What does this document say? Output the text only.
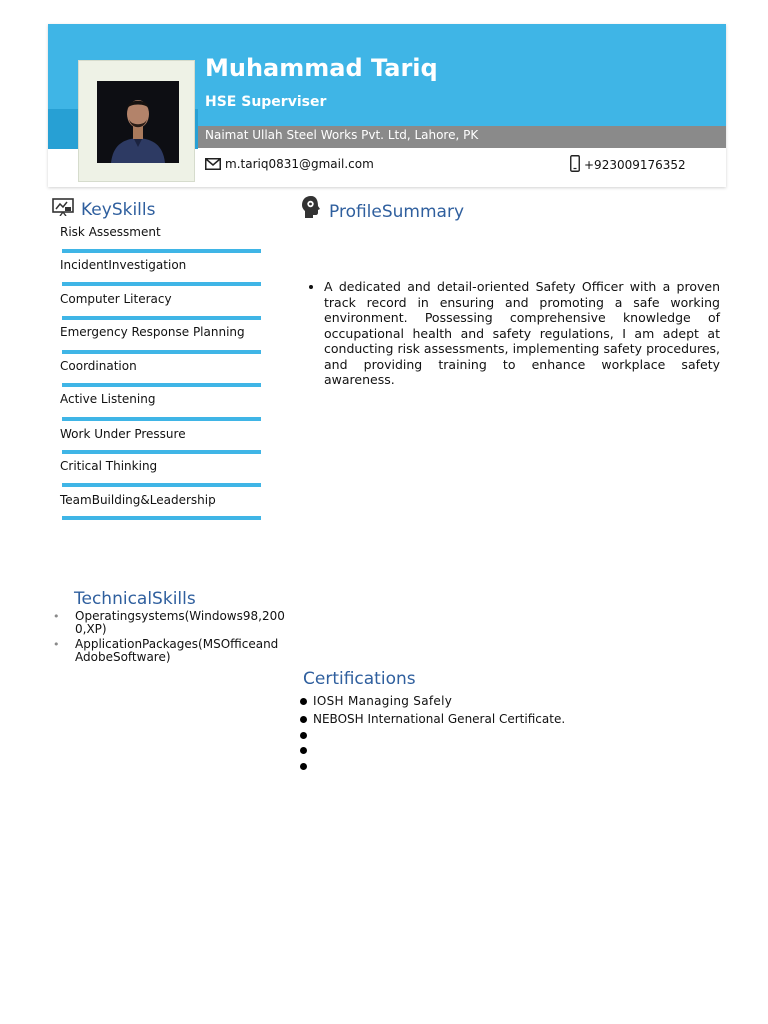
Naimat Ullah Steel Works Pvt. Ltd, Lahore, PK
Muhammad Tariq
HSE Superviser
m.tariq0831@gmail.com	+923009176352
KeySkills
Risk Assessment
IncidentInvestigation
Computer Literacy
Emergency Response Planning
Coordination
Active Listening
Work Under Pressure
Critical Thinking
TeamBuilding&Leadership
ProfileSummary
• A dedicated and detail-oriented Safety Officer with a proven track record in ensuring and promoting a safe working environment. Possessing comprehensive knowledge of occupational health and safety regulations, I am adept at conducting risk assessments, implementing safety procedures, and providing training to enhance workplace safety awareness.
TechnicalSkills
• Operatingsystems(Windows98,2000,XP)
• ApplicationPackages(MSOfficeandAdobeSoftware)
Certifications
IOSH Managing Safely
NEBOSH International General Certificate.
